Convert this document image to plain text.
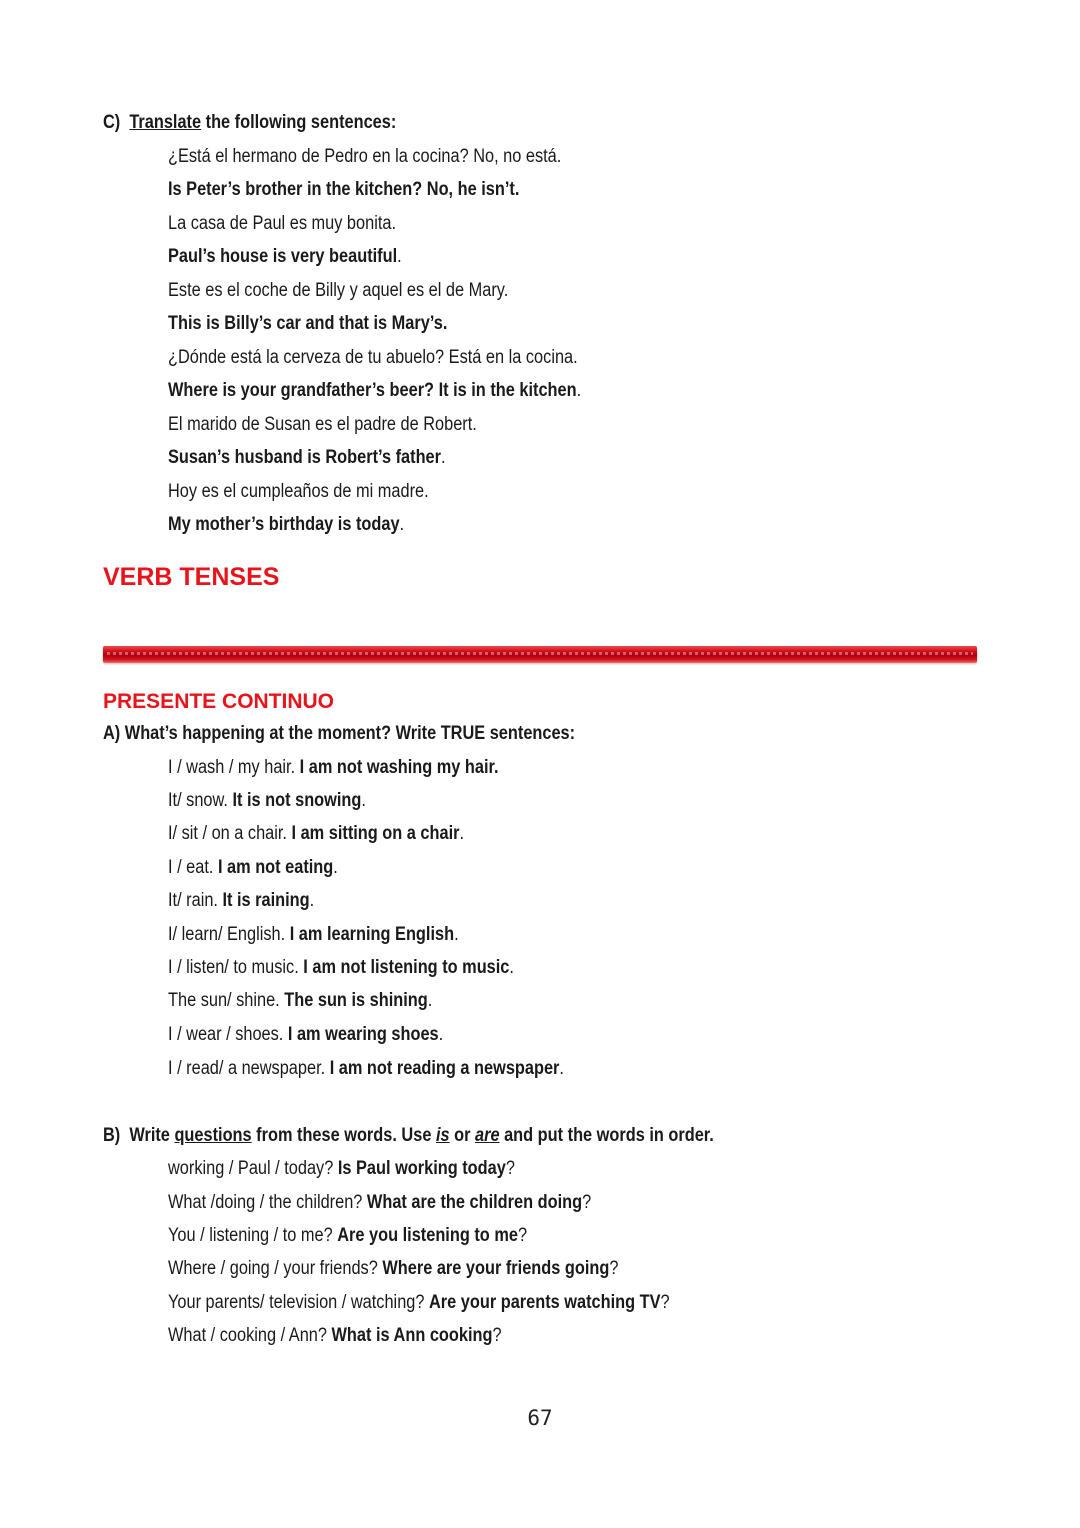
C) Translate the following sentences:
¿Está el hermano de Pedro en la cocina? No, no está.
Is Peter’s brother in the kitchen? No, he isn’t.
La casa de Paul es muy bonita.
Paul’s house is very beautiful.
Este es el coche de Billy y aquel es el de Mary.
This is Billy’s car and that is Mary’s.
¿Dónde está la cerveza de tu abuelo? Está en la cocina.
Where is your grandfather’s beer? It is in the kitchen.
El marido de Susan es el padre de Robert.
Susan’s husband is Robert’s father.
Hoy es el cumpleaños de mi madre.
My mother’s birthday is today.
VERB TENSES
PRESENTE CONTINUO
A) What’s happening at the moment? Write TRUE sentences:
I / wash / my hair. I am not washing my hair.
It/ snow. It is not snowing.
I/ sit / on a chair. I am sitting on a chair.
I / eat. I am not eating.
It/ rain. It is raining.
I/ learn/ English. I am learning English.
I / listen/ to music. I am not listening to music.
The sun/ shine. The sun is shining.
I / wear / shoes. I am wearing shoes.
I / read/ a newspaper. I am not reading a newspaper.
B) Write questions from these words. Use is or are and put the words in order.
working / Paul / today? Is Paul working today?
What /doing / the children? What are the children doing?
You / listening / to me? Are you listening to me?
Where / going / your friends? Where are your friends going?
Your parents/ television / watching? Are your parents watching TV?
What / cooking / Ann? What is Ann cooking?
67
